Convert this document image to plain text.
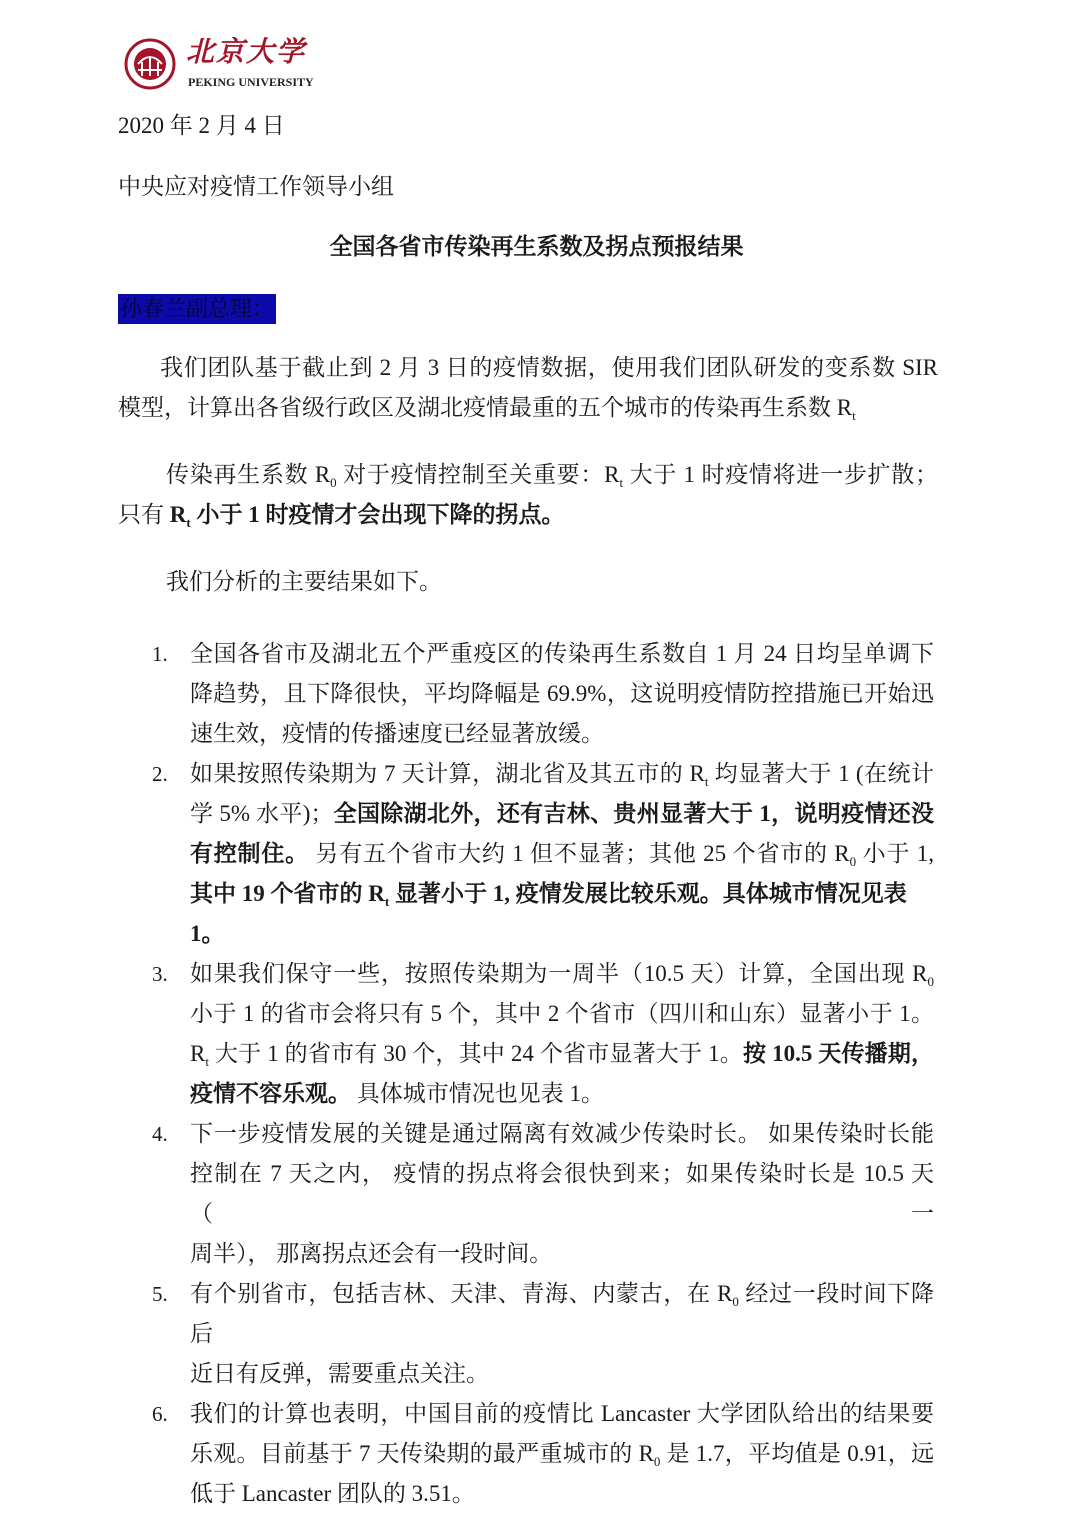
北京大学
PEKING UNIVERSITY
2020 年 2 月 4 日
中央应对疫情工作领导小组
全国各省市传染再生系数及拐点预报结果
孙春兰副总理：
我们团队基于截止到 2 月 3 日的疫情数据，使用我们团队研发的变系数 SIR
模型，计算出各省级行政区及湖北疫情最重的五个城市的传染再生系数 $R_t$
传染再生系数 $R_0$ 对于疫情控制至关重要：$R_t$ 大于 1 时疫情将进一步扩散；
只有 $R_t$ 小于 1 时疫情才会出现下降的拐点。
我们分析的主要结果如下。
1. 全国各省市及湖北五个严重疫区的传染再生系数自 1 月 24 日均呈单调下
降趋势，且下降很快，平均降幅是 69.9%，这说明疫情防控措施已开始迅
速生效，疫情的传播速度已经显著放缓。
2. 如果按照传染期为 7 天计算，湖北省及其五市的 $R_t$ 均显著大于 1 (在统计
学 5% 水平)；全国除湖北外，还有吉林、贵州显著大于 1，说明疫情还没
有控制住。 另有五个省市大约 1 但不显著；其他 25 个省市的 $R_0$ 小于 1,
其中 19 个省市的 $R_t$ 显著小于 1, 疫情发展比较乐观。具体城市情况见表 1。
3. 如果我们保守一些，按照传染期为一周半（10.5 天）计算，全国出现 $R_0$
小于 1 的省市会将只有 5 个，其中 2 个省市（四川和山东）显著小于 1。
$R_t$ 大于 1 的省市有 30 个，其中 24 个省市显著大于 1。按 10.5 天传播期，
疫情不容乐观。 具体城市情况也见表 1。
4. 下一步疫情发展的关键是通过隔离有效减少传染时长。 如果传染时长能
控制在 7 天之内， 疫情的拐点将会很快到来；如果传染时长是 10.5 天（一
周半）， 那离拐点还会有一段时间。
5. 有个别省市，包括吉林、天津、青海、内蒙古，在 $R_0$ 经过一段时间下降后
近日有反弹，需要重点关注。
6. 我们的计算也表明，中国目前的疫情比 Lancaster 大学团队给出的结果要
乐观。目前基于 7 天传染期的最严重城市的 $R_0$ 是 1.7，平均值是 0.91，远
低于 Lancaster 团队的 3.51。
